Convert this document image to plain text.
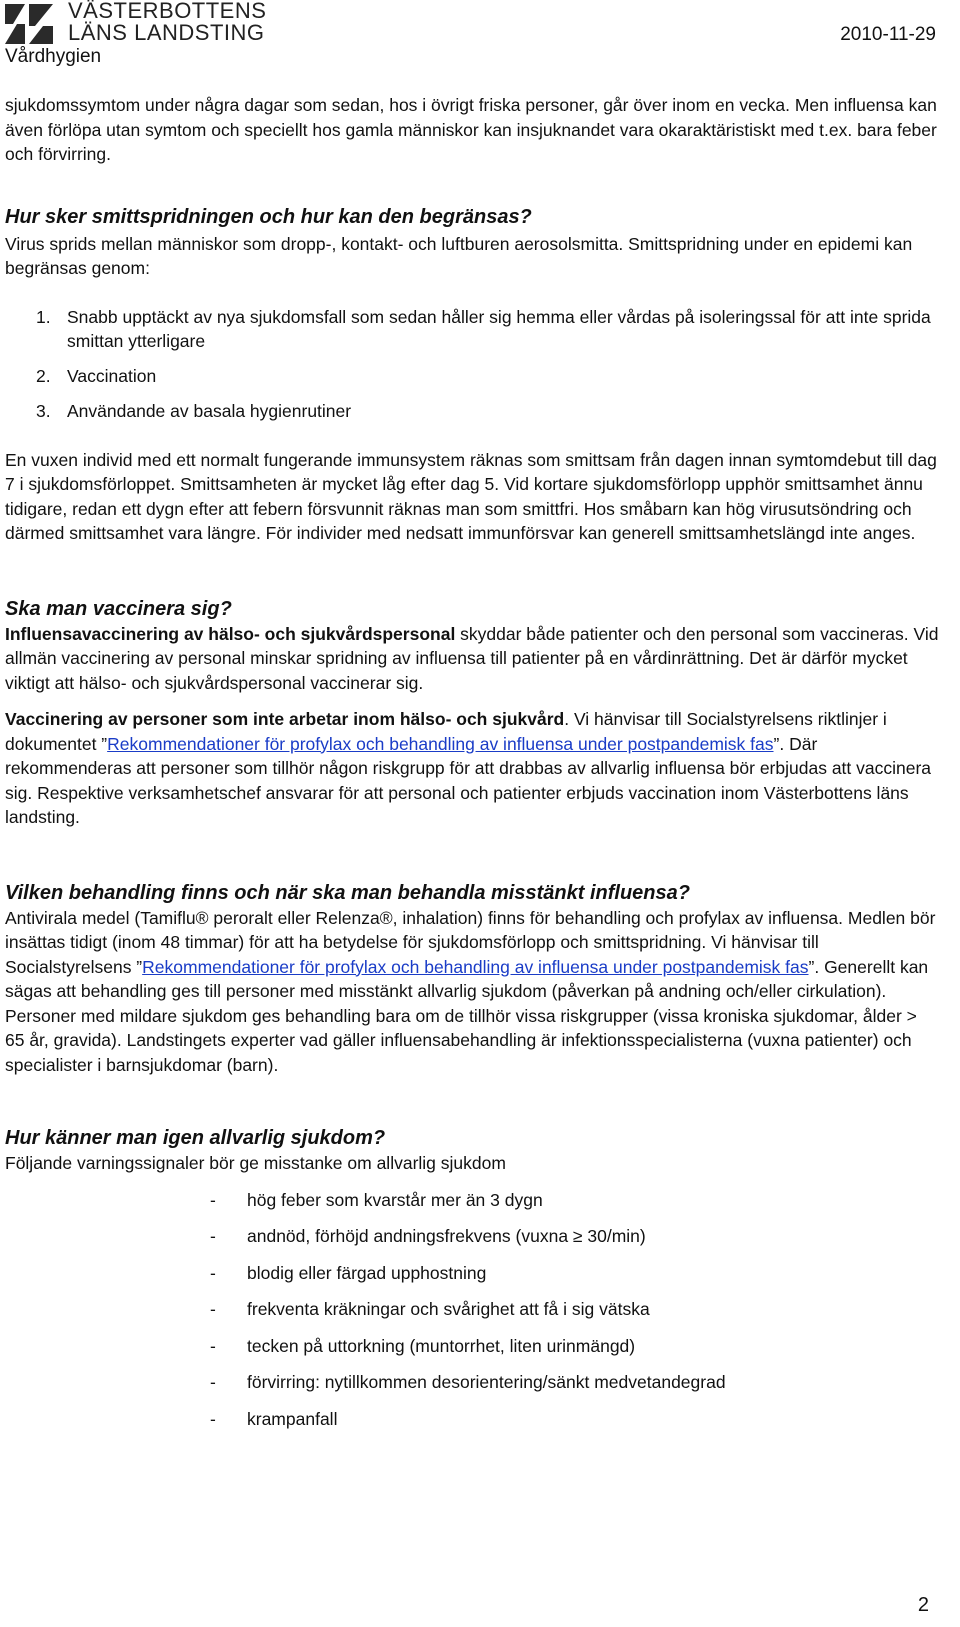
VÄSTERBOTTENS
LÄNS LANDSTING
Vårdhygien
2010-11-29

sjukdomssymtom under några dagar som sedan, hos i övrigt friska personer, går över inom en vecka. Men influensa kan även förlöpa utan symtom och speciellt hos gamla människor kan insjuknandet vara okaraktäristiskt med t.ex. bara feber och förvirring.

Hur sker smittspridningen och hur kan den begränsas?

Virus sprids mellan människor som dropp-, kontakt- och luftburen aerosolsmitta. Smittspridning under en epidemi kan begränsas genom:

1. Snabb upptäckt av nya sjukdomsfall som sedan håller sig hemma eller vårdas på isoleringssal för att inte sprida smittan ytterligare
2. Vaccination
3. Användande av basala hygienrutiner

En vuxen individ med ett normalt fungerande immunsystem räknas som smittsam från dagen innan symtomdebut till dag 7 i sjukdomsförloppet. Smittsamheten är mycket låg efter dag 5. Vid kortare sjukdomsförlopp upphör smittsamhet ännu tidigare, redan ett dygn efter att febern försvunnit räknas man som smittfri. Hos småbarn kan hög virusutsöndring och därmed smittsamhet vara längre. För individer med nedsatt immunförsvar kan generell smittsamhetslängd inte anges.

Ska man vaccinera sig?

Influensavaccinering av hälso- och sjukvårdspersonal skyddar både patienter och den personal som vaccineras. Vid allmän vaccinering av personal minskar spridning av influensa till patienter på en vårdinrättning. Det är därför mycket viktigt att hälso- och sjukvårdspersonal vaccinerar sig.

Vaccinering av personer som inte arbetar inom hälso- och sjukvård. Vi hänvisar till Socialstyrelsens riktlinjer i dokumentet ”Rekommendationer för profylax och behandling av influensa under postpandemisk fas”. Där rekommenderas att personer som tillhör någon riskgrupp för att drabbas av allvarlig influensa bör erbjudas att vaccinera sig. Respektive verksamhetschef ansvarar för att personal och patienter erbjuds vaccination inom Västerbottens läns landsting.

Vilken behandling finns och när ska man behandla misstänkt influensa?

Antivirala medel (Tamiflu® peroralt eller Relenza®, inhalation) finns för behandling och profylax av influensa. Medlen bör insättas tidigt (inom 48 timmar) för att ha betydelse för sjukdomsförlopp och smittspridning. Vi hänvisar till Socialstyrelsens ”Rekommendationer för profylax och behandling av influensa under postpandemisk fas”. Generellt kan sägas att behandling ges till personer med misstänkt allvarlig sjukdom (påverkan på andning och/eller cirkulation). Personer med mildare sjukdom ges behandling bara om de tillhör vissa riskgrupper (vissa kroniska sjukdomar, ålder > 65 år, gravida). Landstingets experter vad gäller influensabehandling är infektionsspecialisterna (vuxna patienter) och specialister i barnsjukdomar (barn).

Hur känner man igen allvarlig sjukdom?

Följande varningssignaler bör ge misstanke om allvarlig sjukdom

-	hög feber som kvarstår mer än 3 dygn
-	andnöd, förhöjd andningsfrekvens (vuxna ≥ 30/min)
-	blodig eller färgad upphostning
-	frekventa kräkningar och svårighet att få i sig vätska
-	tecken på uttorkning (muntorrhet, liten urinmängd)
-	förvirring: nytillkommen desorientering/sänkt medvetandegrad
-	krampanfall
2
